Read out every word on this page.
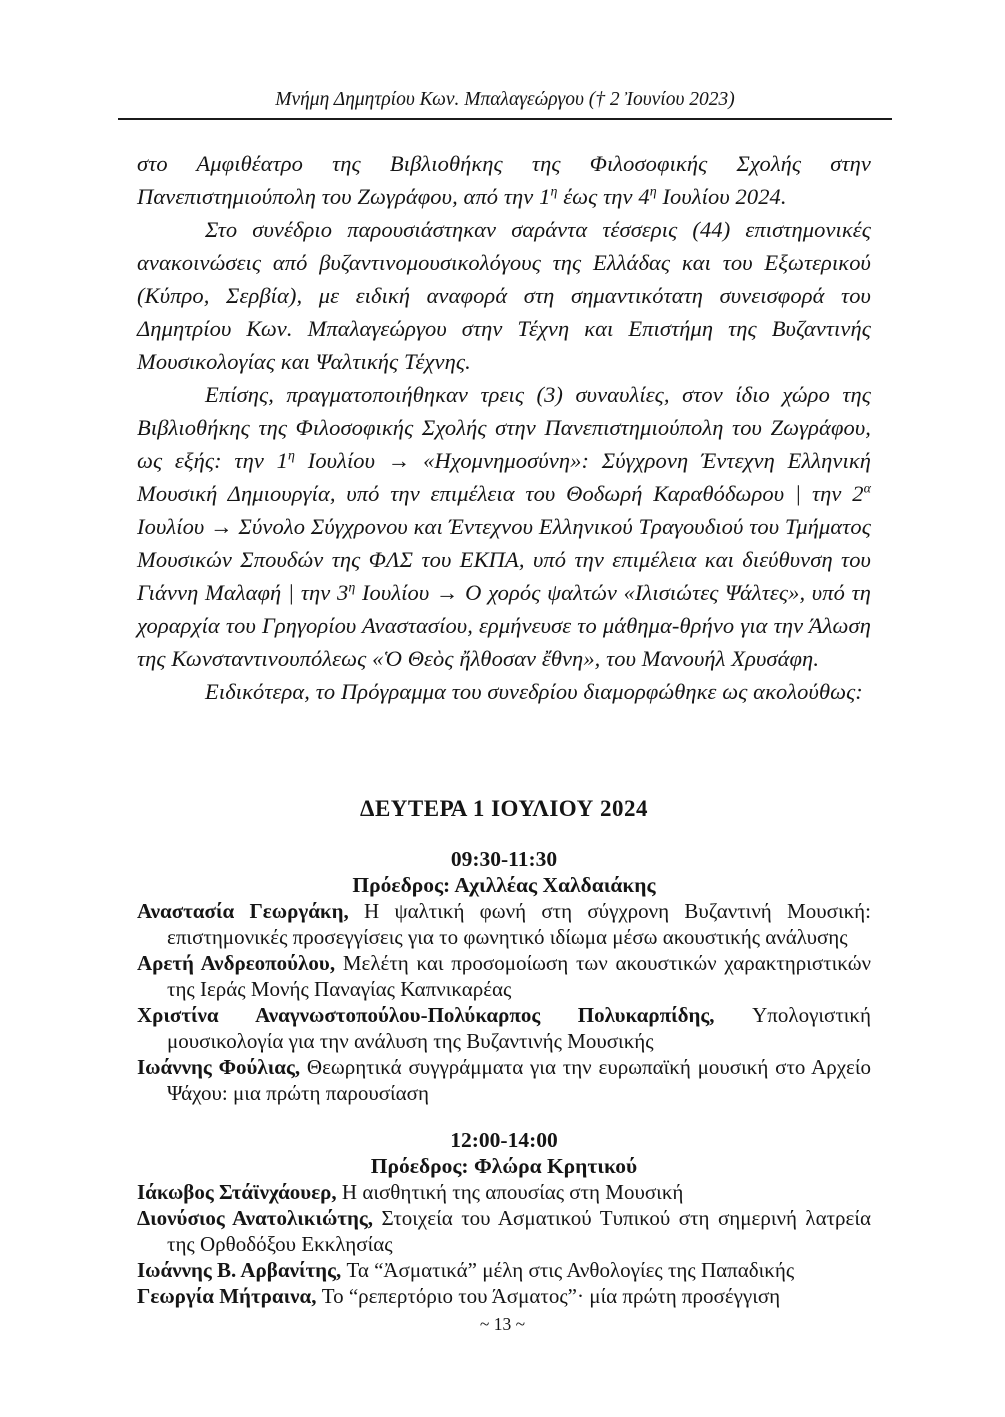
Μνήμη Δημητρίου Κων. Μπαλαγεώργου († 2 Ἰουνίου 2023)

στο Αμφιθέατρο της Βιβλιοθήκης της Φιλοσοφικής Σχολής στην Πανεπιστημιούπολη του Ζωγράφου, από την $1^\eta$ έως την $4^\eta$ Ιουλίου 2024.

Στο συνέδριο παρουσιάστηκαν σαράντα τέσσερις (44) επιστημονικές ανακοινώσεις από βυζαντινομουσικολόγους της Ελλάδας και του Εξωτερικού (Κύπρο, Σερβία), με ειδική αναφορά στη σημαντικότατη συνεισφορά του Δημητρίου Κων. Μπαλαγεώργου στην Τέχνη και Επιστήμη της Βυζαντινής Μουσικολογίας και Ψαλτικής Τέχνης.

Επίσης, πραγματοποιήθηκαν τρεις (3) συναυλίες, στον ίδιο χώρο της Βιβλιοθήκης της Φιλοσοφικής Σχολής στην Πανεπιστημιούπολη του Ζωγράφου, ως εξής: την $1^\eta$ Ιουλίου → «Ηχομνημοσύνη»: Σύγχρονη Έντεχνη Ελληνική Μουσική Δημιουργία, υπό την επιμέλεια του Θοδωρή Καραθόδωρου | την $2^\alpha$ Ιουλίου → Σύνολο Σύγχρονου και Έντεχνου Ελληνικού Τραγουδιού του Τμήματος Μουσικών Σπουδών της ΦΛΣ του ΕΚΠΑ, υπό την επιμέλεια και διεύθυνση του Γιάννη Μαλαφή | την $3^\eta$ Ιουλίου → Ο χορός ψαλτών «Ιλισιώτες Ψάλτες», υπό τη χοραρχία του Γρηγορίου Αναστασίου, ερμήνευσε το μάθημα-θρήνο για την Άλωση της Κωνσταντινουπόλεως «Ὁ Θεὸς ἤλθοσαν ἔθνη», του Μανουήλ Χρυσάφη.

Ειδικότερα, το Πρόγραμμα του συνεδρίου διαμορφώθηκε ως ακολούθως:

ΔΕΥΤΕΡΑ 1 ΙΟΥΛΙΟΥ 2024

09:30-11:30

Πρόεδρος: Αχιλλέας Χαλδαιάκης

Αναστασία Γεωργάκη, Η ψαλτική φωνή στη σύγχρονη Βυζαντινή Μουσική: επιστημονικές προσεγγίσεις για το φωνητικό ιδίωμα μέσω ακουστικής ανάλυσης

Αρετή Ανδρεοπούλου, Μελέτη και προσομοίωση των ακουστικών χαρακτηριστικών της Ιεράς Μονής Παναγίας Καπνικαρέας

Χριστίνα Αναγνωστοπούλου-Πολύκαρπος Πολυκαρπίδης, Υπολογιστική μουσικολογία για την ανάλυση της Βυζαντινής Μουσικής

Ιωάννης Φούλιας, Θεωρητικά συγγράμματα για την ευρωπαϊκή μουσική στο Αρχείο Ψάχου: μια πρώτη παρουσίαση

12:00-14:00

Πρόεδρος: Φλώρα Κρητικού

Ιάκωβος Στάϊνχάουερ, Η αισθητική της απουσίας στη Μουσική

Διονύσιος Ανατολικιώτης, Στοιχεία του Ασματικού Τυπικού στη σημερινή λατρεία της Ορθοδόξου Εκκλησίας

Ιωάννης Β. Αρβανίτης, Τα “Ἀσματικά” μέλη στις Ανθολογίες της Παπαδικής

Γεωργία Μήτραινα, Το “ρεπερτόριο του Άσματος”· μία πρώτη προσέγγιση

~ 13 ~
